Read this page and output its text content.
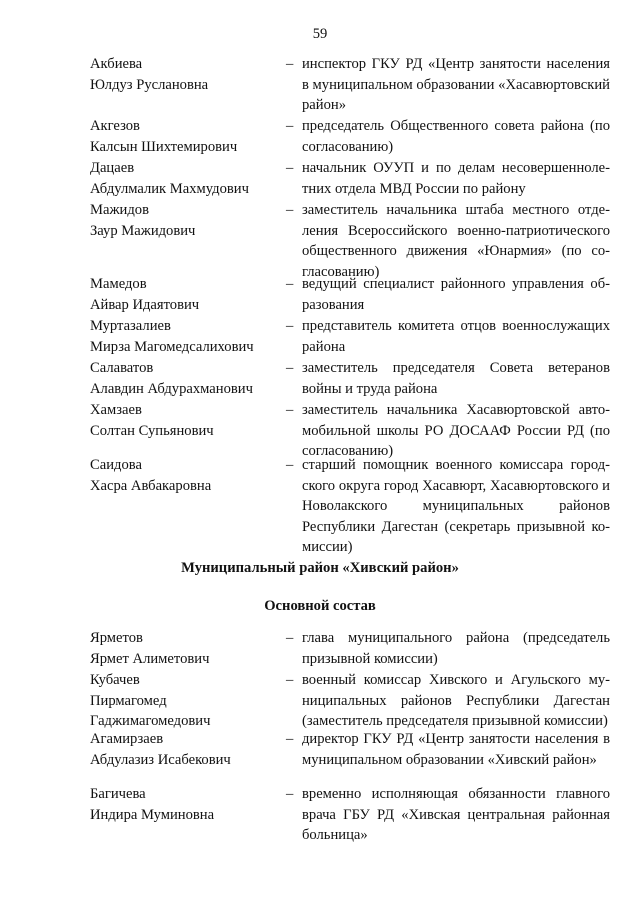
59
Акбиева
Юлдуз Руслановна
– инспектор ГКУ РД «Центр занятости населения в муниципальном образовании «Хасавюртовский район»
Акгезов
Калсын Шихтемирович
– председатель Общественного совета района (по согласованию)
Дацаев
Абдулмалик Махмудович
– начальник ОУУП и по делам несовершеннолетних отдела МВД России по району
Мажидов
Заур Мажидович
– заместитель начальника штаба местного отделения Всероссийского военно-патриотического общественного движения «Юнармия» (по согласованию)
Мамедов
Айвар Идаятович
– ведущий специалист районного управления образования
Муртазалиев
Мирза Магомедсалихович
– представитель комитета отцов военнослужащих района
Салаватов
Алавдин Абдурахманович
– заместитель председателя Совета ветеранов войны и труда района
Хамзаев
Солтан Супьянович
– заместитель начальника Хасавюртовской автомобильной школы РО ДОСААФ России РД (по согласованию)
Саидова
Хасра Авбакаровна
– старший помощник военного комиссара городского округа город Хасавюрт, Хасавюртовского и Новолакского муниципальных районов Республики Дагестан (секретарь призывной комиссии)
Муниципальный район «Хивский район»
Основной состав
Ярметов
Ярмет Алиметович
– глава муниципального района (председатель призывной комиссии)
Кубачев
Пирмагомед
Гаджимагомедович
– военный комиссар Хивского и Агульского муниципальных районов Республики Дагестан (заместитель председателя призывной комиссии)
Агамирзаев
Абдулазиз Исабекович
– директор ГКУ РД «Центр занятости населения в муниципальном образовании «Хивский район»
Багичева
Индира Муминовна
– временно исполняющая обязанности главного врача ГБУ РД «Хивская центральная районная больница»
